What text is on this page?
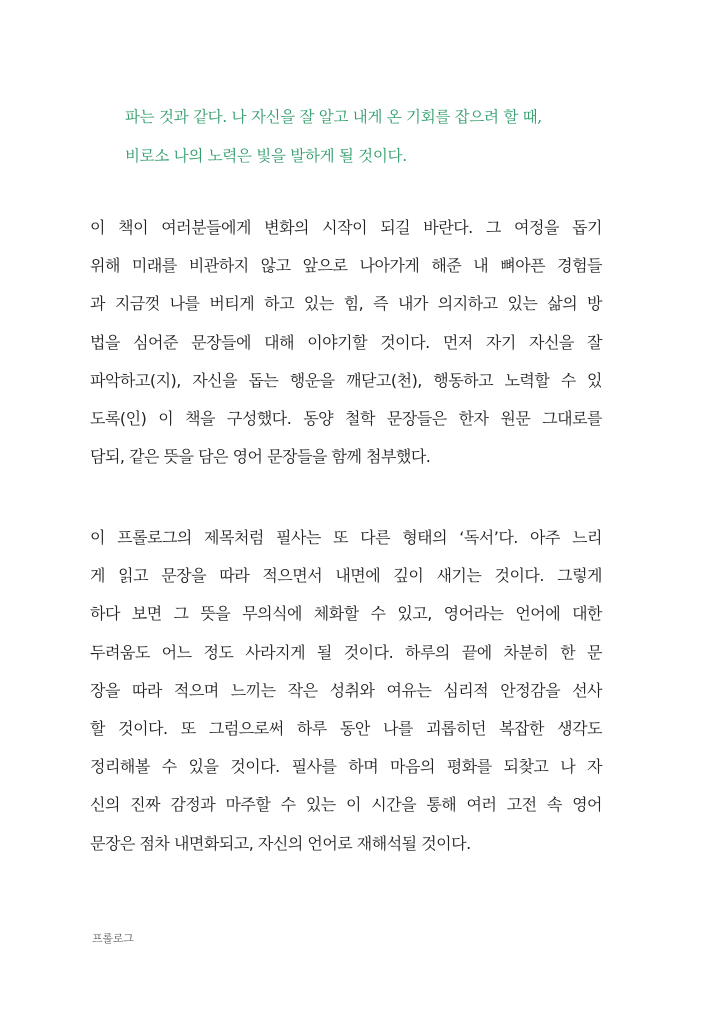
파는 것과 같다. 나 자신을 잘 알고 내게 온 기회를 잡으려 할 때,
비로소 나의 노력은 빛을 발하게 될 것이다.
이 책이 여러분들에게 변화의 시작이 되길 바란다. 그 여정을 돕기
위해 미래를 비관하지 않고 앞으로 나아가게 해준 내 뼈아픈 경험들
과 지금껏 나를 버티게 하고 있는 힘, 즉 내가 의지하고 있는 삶의 방
법을 심어준 문장들에 대해 이야기할 것이다. 먼저 자기 자신을 잘
파악하고(지), 자신을 돕는 행운을 깨닫고(천), 행동하고 노력할 수 있
도록(인) 이 책을 구성했다. 동양 철학 문장들은 한자 원문 그대로를
담되, 같은 뜻을 담은 영어 문장들을 함께 첨부했다.
이 프롤로그의 제목처럼 필사는 또 다른 형태의 ‘독서’다. 아주 느리
게 읽고 문장을 따라 적으면서 내면에 깊이 새기는 것이다. 그렇게
하다 보면 그 뜻을 무의식에 체화할 수 있고, 영어라는 언어에 대한
두려움도 어느 정도 사라지게 될 것이다. 하루의 끝에 차분히 한 문
장을 따라 적으며 느끼는 작은 성취와 여유는 심리적 안정감을 선사
할 것이다. 또 그럼으로써 하루 동안 나를 괴롭히던 복잡한 생각도
정리해볼 수 있을 것이다. 필사를 하며 마음의 평화를 되찾고 나 자
신의 진짜 감정과 마주할 수 있는 이 시간을 통해 여러 고전 속 영어
문장은 점차 내면화되고, 자신의 언어로 재해석될 것이다.
프롤로그
